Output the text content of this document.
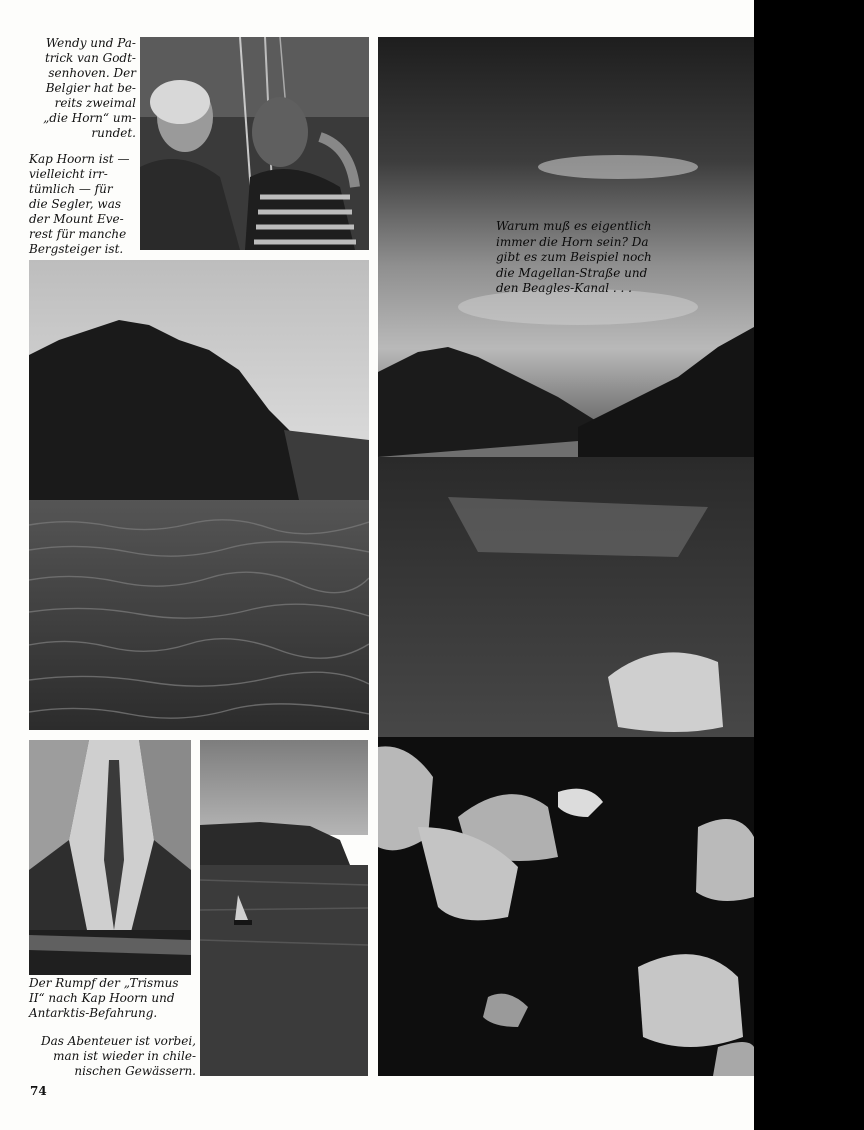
Wendy und Pa-
trick van Godt-
senhoven. Der
Belgier hat be-
reits zweimal
„die Horn“ um-
rundet.
Kap Hoorn ist —
vielleicht irr-
tümlich — für
die Segler, was
der Mount Eve-
rest für manche
Bergsteiger ist.
Warum muß es eigentlich
immer die Horn sein? Da
gibt es zum Beispiel noch
die Magellan-Straße und
den Beagles-Kanal . . .
Der Rumpf der „Trismus
II“ nach Kap Hoorn und
Antarktis-Befahrung.
Das Abenteuer ist vorbei,
man ist wieder in chile-
nischen Gewässern.
74
